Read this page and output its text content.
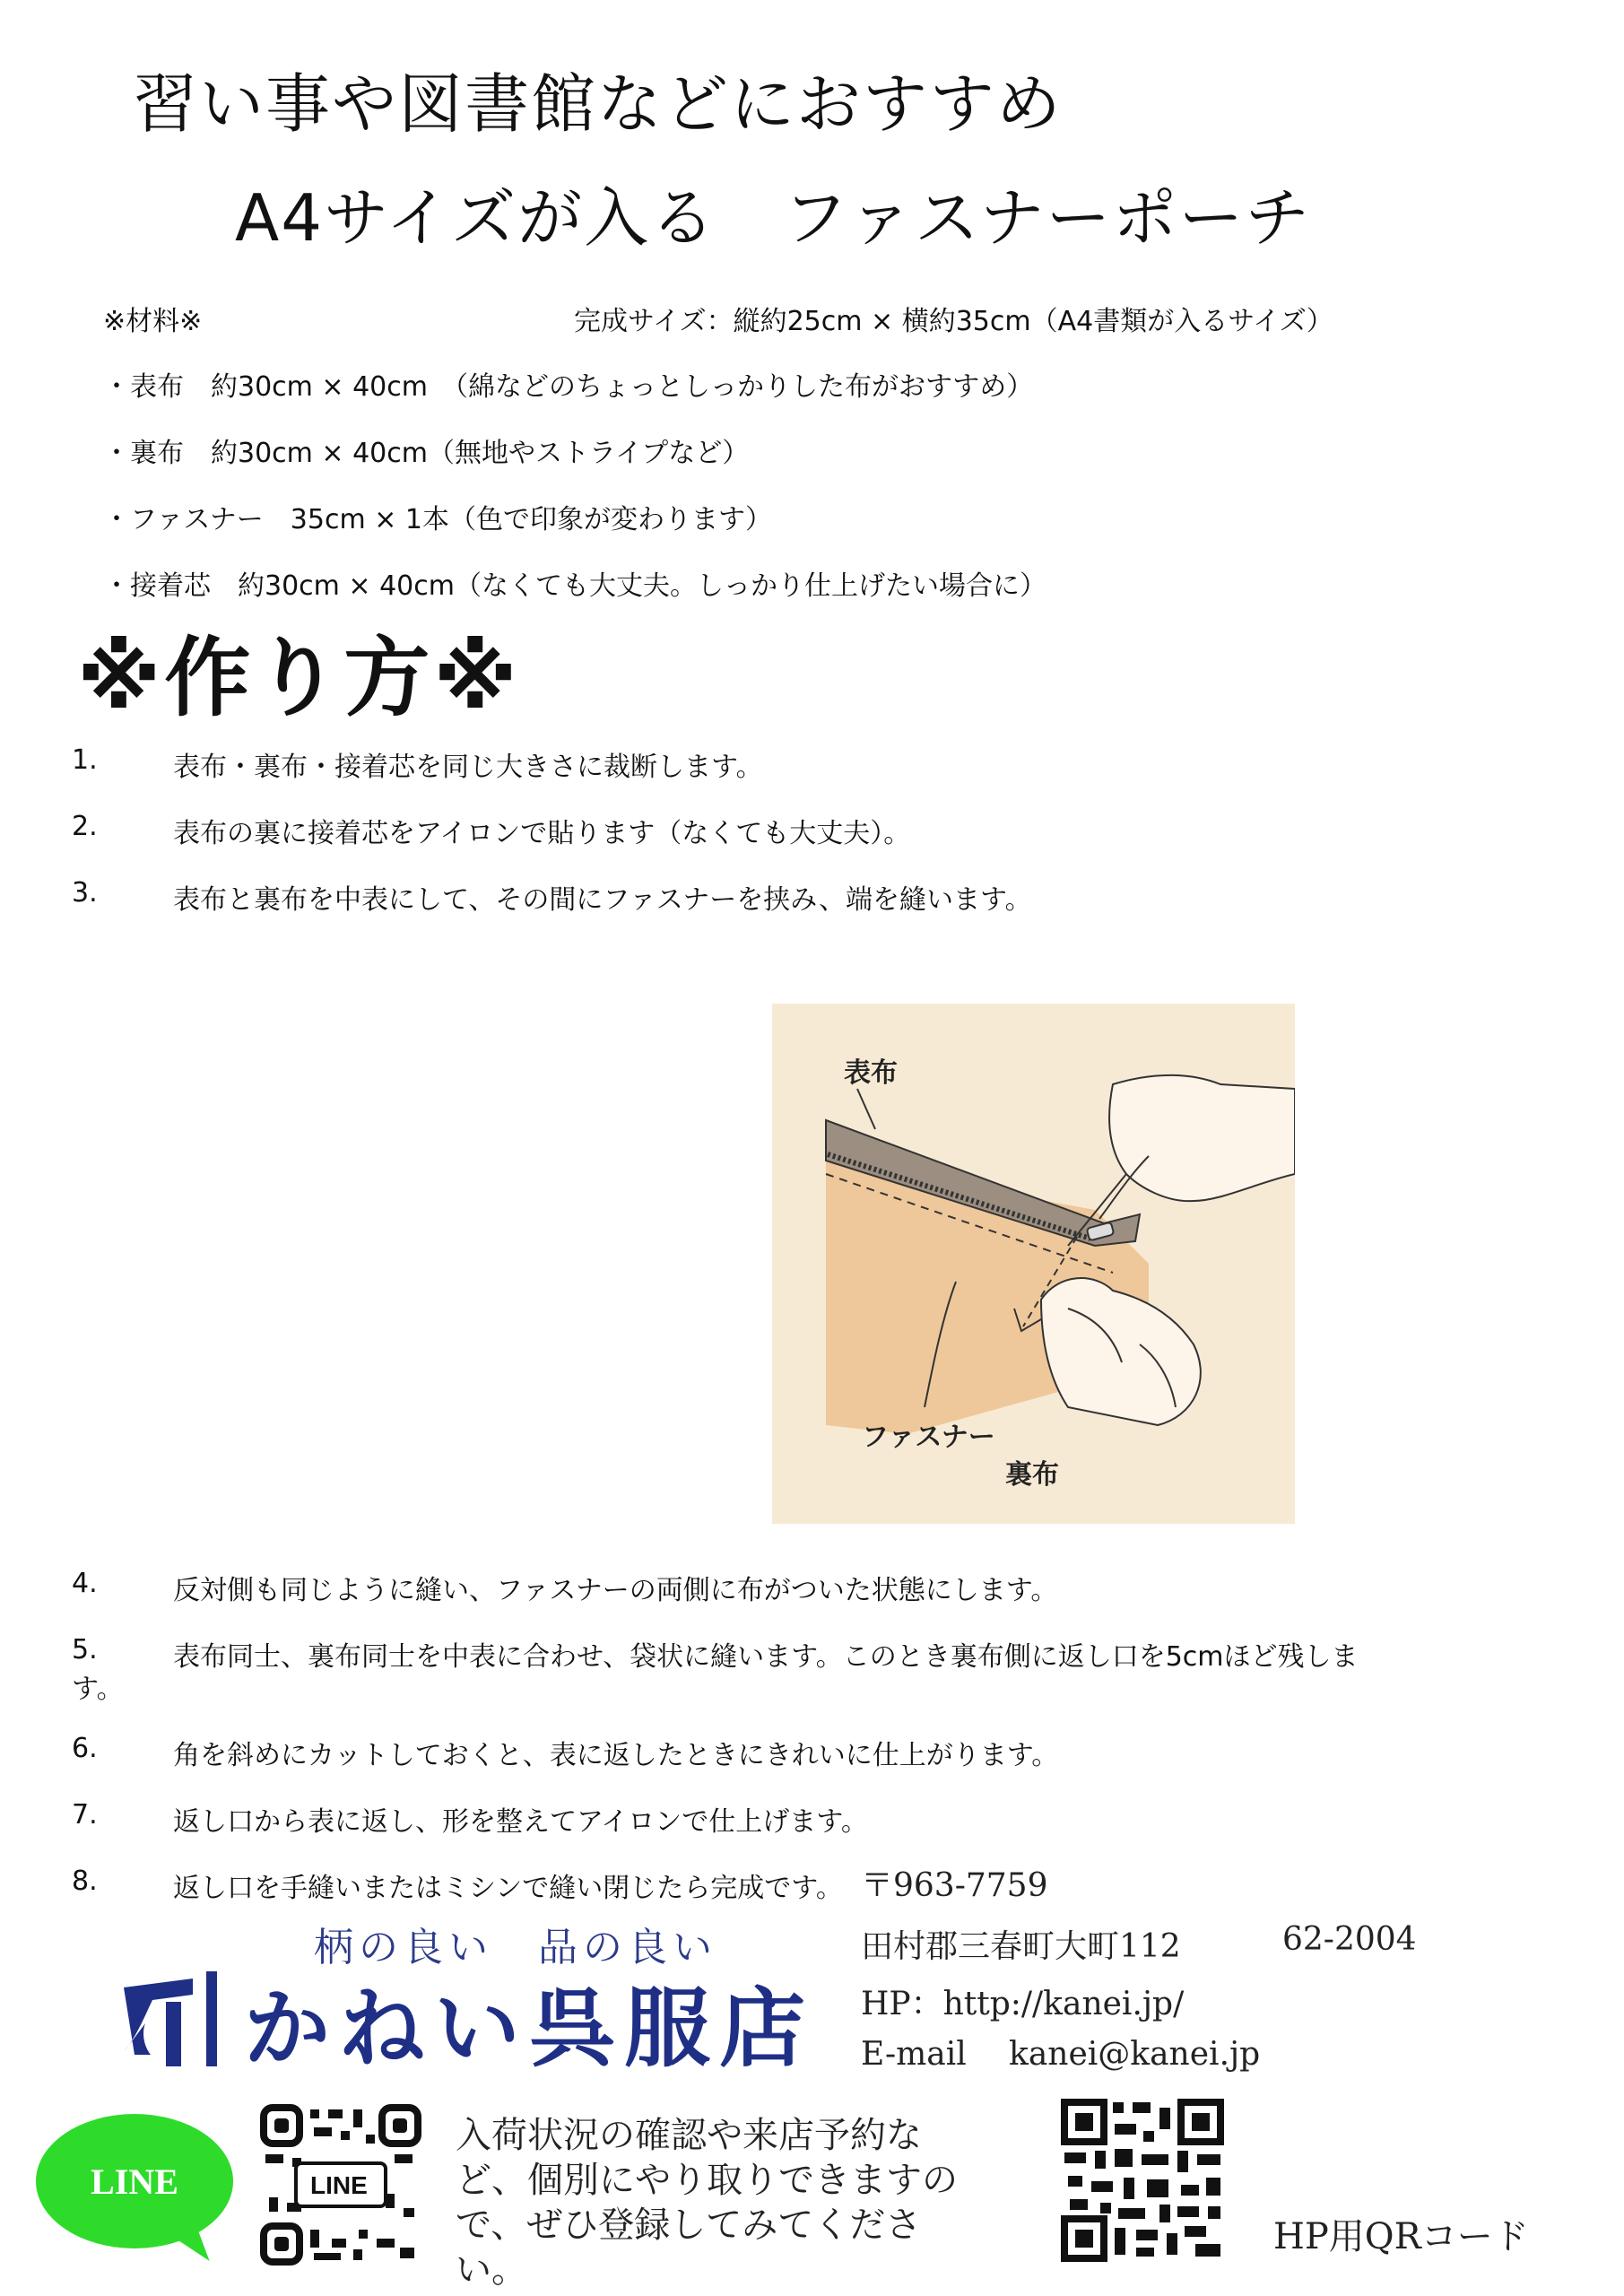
習い事や図書館などにおすすめ
A4サイズが入る　ファスナーポーチ
※材料※	完成サイズ：縦約25cm × 横約35cm（A4書類が入るサイズ）
・表布　約30cm × 40cm　（綿などのちょっとしっかりした布がおすすめ）
・裏布　約30cm × 40cm（無地やストライプなど）
・ファスナー　35cm × 1本（色で印象が変わります）
・接着芯　約30cm × 40cm（なくても大丈夫。しっかり仕上げたい場合に）
※作り方※
1.	表布・裏布・接着芯を同じ大きさに裁断します。
2.	表布の裏に接着芯をアイロンで貼ります（なくても大丈夫）。
3.	表布と裏布を中表にして、その間にファスナーを挟み、端を縫います。
表布
ファスナー
裏布
4.	反対側も同じように縫い、ファスナーの両側に布がついた状態にします。
5.	表布同士、裏布同士を中表に合わせ、袋状に縫います。このとき裏布側に返し口を5cmほど残しま
す。
6.	角を斜めにカットしておくと、表に返したときにきれいに仕上がります。
7.	返し口から表に返し、形を整えてアイロンで仕上げます。
8.	返し口を手縫いまたはミシンで縫い閉じたら完成です。 〒963-7759
柄の良い　品の良い
かねい呉服店
田村郡三春町大町112	62-2004
HP：http://kanei.jp/
E-mail kanei@kanei.jp
LINE	LINE
入荷状況の確認や来店予約など、個別にやり取りできますので、ぜひ登録してみてください。
HP用QRコード
